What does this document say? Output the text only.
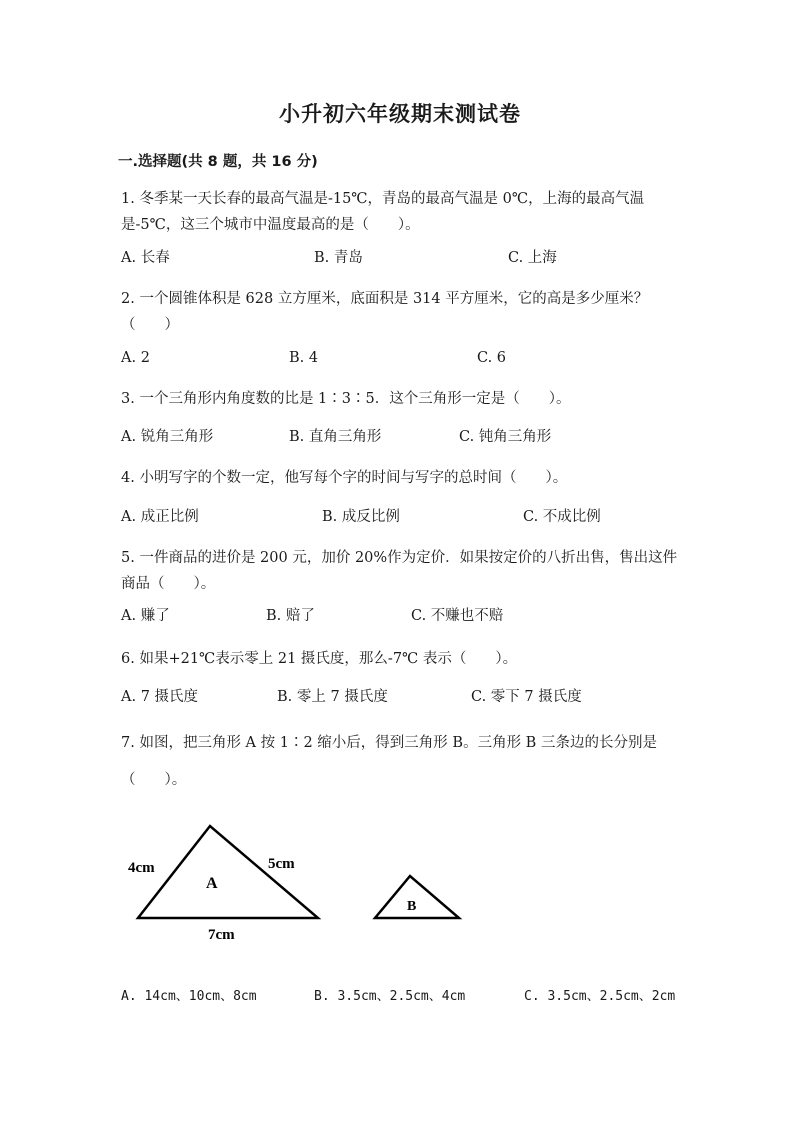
小升初六年级期末测试卷
一.选择题(共 8 题，共 16 分)
1. 冬季某一天长春的最高气温是-15℃，青岛的最高气温是 0℃，上海的最高气温是-5℃，这三个城市中温度最高的是（　　）。
A. 长春	B. 青岛	C. 上海
2. 一个圆锥体积是 628 立方厘米，底面积是 314 平方厘米，它的高是多少厘米？（　　）
A. 2	B. 4	C. 6
3. 一个三角形内角度数的比是 1∶3∶5．这个三角形一定是（　　）。
A. 锐角三角形	B. 直角三角形	C. 钝角三角形
4. 小明写字的个数一定，他写每个字的时间与写字的总时间（　　）。
A. 成正比例	B. 成反比例	C. 不成比例
5. 一件商品的进价是 200 元，加价 20%作为定价．如果按定价的八折出售，售出这件商品（　　）。
A. 赚了	B. 赔了	C. 不赚也不赔
6. 如果+21℃表示零上 21 摄氏度，那么-7℃ 表示（　　）。
A. 7 摄氏度	B. 零上 7 摄氏度	C. 零下 7 摄氏度
7. 如图，把三角形 A 按 1∶2 缩小后，得到三角形 B。三角形 B 三条边的长分别是（　　）。
A
4cm	5cm
7cm
B
A. 14cm、10cm、8cm	B. 3.5cm、2.5cm、4cm	C. 3.5cm、2.5cm、2cm
